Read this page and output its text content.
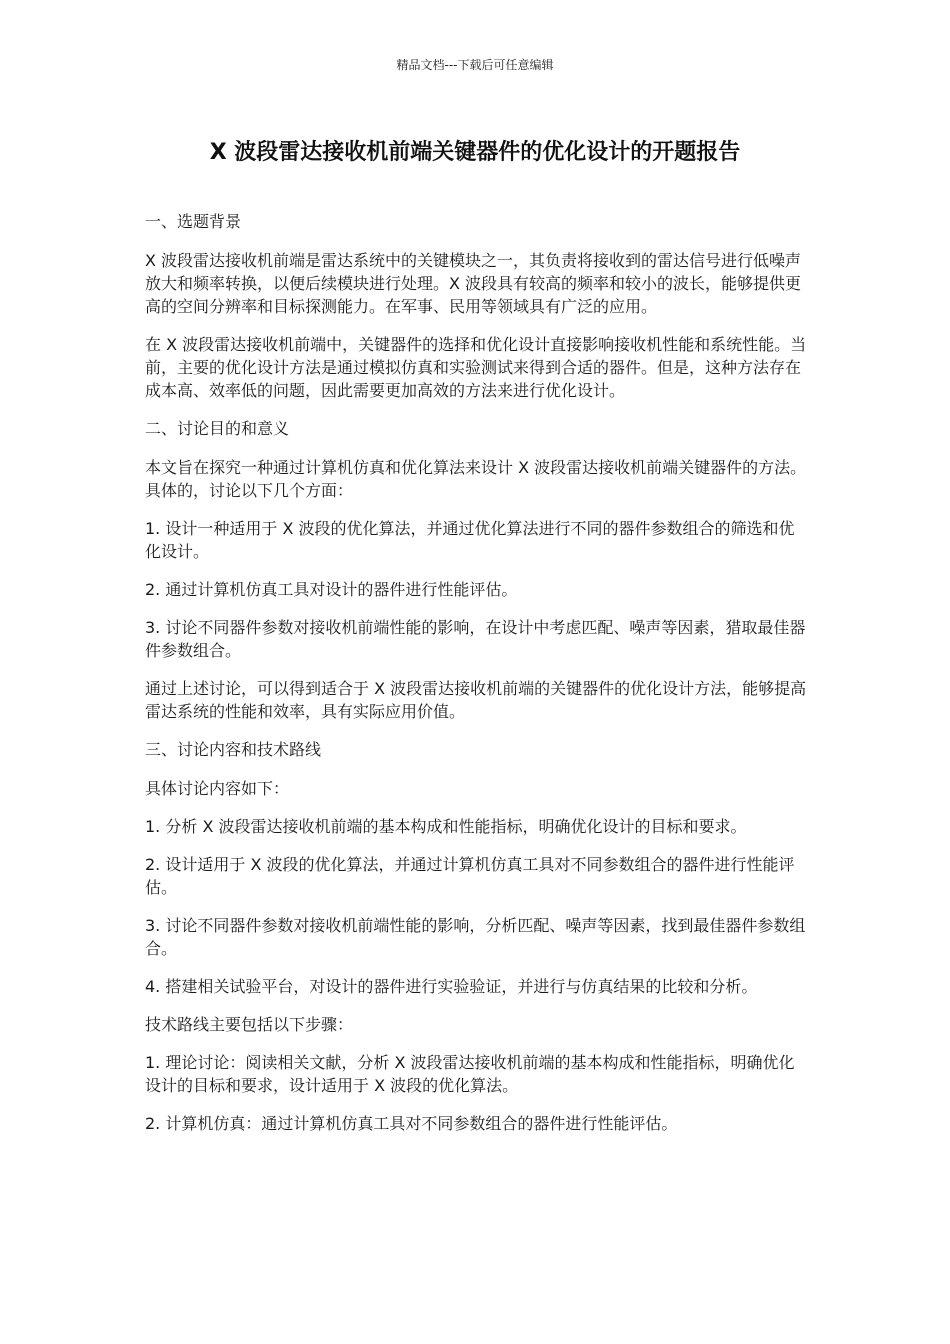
精品文档---下载后可任意编辑
X 波段雷达接收机前端关键器件的优化设计的开题报告

一、选题背景

X 波段雷达接收机前端是雷达系统中的关键模块之一，其负责将接收到的雷达信号进行低噪声放大和频率转换，以便后续模块进行处理。X 波段具有较高的频率和较小的波长，能够提供更高的空间分辨率和目标探测能力。在军事、民用等领域具有广泛的应用。

在 X 波段雷达接收机前端中，关键器件的选择和优化设计直接影响接收机性能和系统性能。当前，主要的优化设计方法是通过模拟仿真和实验测试来得到合适的器件。但是，这种方法存在成本高、效率低的问题，因此需要更加高效的方法来进行优化设计。

二、讨论目的和意义

本文旨在探究一种通过计算机仿真和优化算法来设计 X 波段雷达接收机前端关键器件的方法。具体的，讨论以下几个方面：

1. 设计一种适用于 X 波段的优化算法，并通过优化算法进行不同的器件参数组合的筛选和优化设计。

2. 通过计算机仿真工具对设计的器件进行性能评估。

3. 讨论不同器件参数对接收机前端性能的影响，在设计中考虑匹配、噪声等因素，猎取最佳器件参数组合。

通过上述讨论，可以得到适合于 X 波段雷达接收机前端的关键器件的优化设计方法，能够提高雷达系统的性能和效率，具有实际应用价值。

三、讨论内容和技术路线

具体讨论内容如下：

1. 分析 X 波段雷达接收机前端的基本构成和性能指标，明确优化设计的目标和要求。

2. 设计适用于 X 波段的优化算法，并通过计算机仿真工具对不同参数组合的器件进行性能评估。

3. 讨论不同器件参数对接收机前端性能的影响，分析匹配、噪声等因素，找到最佳器件参数组合。

4. 搭建相关试验平台，对设计的器件进行实验验证，并进行与仿真结果的比较和分析。

技术路线主要包括以下步骤：

1. 理论讨论：阅读相关文献，分析 X 波段雷达接收机前端的基本构成和性能指标，明确优化设计的目标和要求，设计适用于 X 波段的优化算法。

2. 计算机仿真：通过计算机仿真工具对不同参数组合的器件进行性能评估。
